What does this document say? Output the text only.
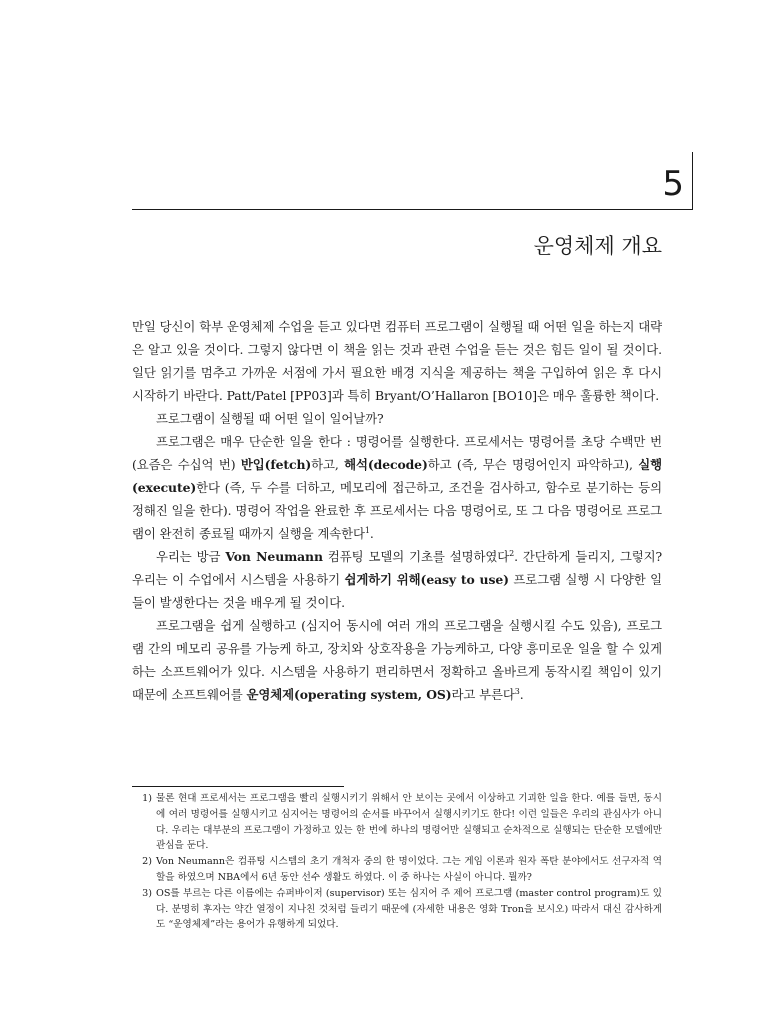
5
운영체제 개요

만일 당신이 학부 운영체제 수업을 듣고 있다면 컴퓨터 프로그램이 실행될 때 어떤 일을 하는지 대략은 알고 있을 것이다. 그렇지 않다면 이 책을 읽는 것과 관련 수업을 듣는 것은 힘든 일이 될 것이다. 일단 읽기를 멈추고 가까운 서점에 가서 필요한 배경 지식을 제공하는 책을 구입하여 읽은 후 다시 시작하기 바란다. Patt/Patel [PP03]과 특히 Bryant/O’Hallaron [BO10]은 매우 훌륭한 책이다.

프로그램이 실행될 때 어떤 일이 일어날까?

프로그램은 매우 단순한 일을 한다 : 명령어를 실행한다. 프로세서는 명령어를 초당 수백만 번 (요즘은 수십억 번) 반입(fetch)하고, 해석(decode)하고 (즉, 무슨 명령어인지 파악하고), 실행(execute)한다 (즉, 두 수를 더하고, 메모리에 접근하고, 조건을 검사하고, 함수로 분기하는 등의 정해진 일을 한다). 명령어 작업을 완료한 후 프로세서는 다음 명령어로, 또 그 다음 명령어로 프로그램이 완전히 종료될 때까지 실행을 계속한다$^1$.

우리는 방금 Von Neumann 컴퓨팅 모델의 기초를 설명하였다$^2$. 간단하게 들리지, 그렇지? 우리는 이 수업에서 시스템을 사용하기 쉽게하기 위해(easy to use) 프로그램 실행 시 다양한 일들이 발생한다는 것을 배우게 될 것이다.

프로그램을 쉽게 실행하고 (심지어 동시에 여러 개의 프로그램을 실행시킬 수도 있음), 프로그램 간의 메모리 공유를 가능케 하고, 장치와 상호작용을 가능케하고, 다양 흥미로운 일을 할 수 있게 하는 소프트웨어가 있다. 시스템을 사용하기 편리하면서 정확하고 올바르게 동작시킬 책임이 있기 때문에 소프트웨어를 운영체제(operating system, OS)라고 부른다$^3$.

1) 물론 현대 프로세서는 프로그램을 빨리 실행시키기 위해서 안 보이는 곳에서 이상하고 기괴한 일을 한다. 예를 들면, 동시에 여러 명령어를 실행시키고 심지어는 명령어의 순서를 바꾸어서 실행시키기도 한다! 이런 일들은 우리의 관심사가 아니다. 우리는 대부분의 프로그램이 가정하고 있는 한 번에 하나의 명령어만 실행되고 순차적으로 실행되는 단순한 모델에만 관심을 둔다.
2) Von Neumann은 컴퓨팅 시스템의 초기 개척자 중의 한 명이었다. 그는 게임 이론과 원자 폭탄 분야에서도 선구자적 역할을 하였으며 NBA에서 6년 동안 선수 생활도 하였다. 이 중 하나는 사실이 아니다. 뭘까?
3) OS를 부르는 다른 이름에는 슈퍼바이저 (supervisor) 또는 심지어 주 제어 프로그램 (master control program)도 있다. 분명히 후자는 약간 열정이 지나친 것처럼 들리기 때문에 (자세한 내용은 영화 Tron을 보시오) 따라서 대신 감사하게도 “운영체제”라는 용어가 유행하게 되었다.
